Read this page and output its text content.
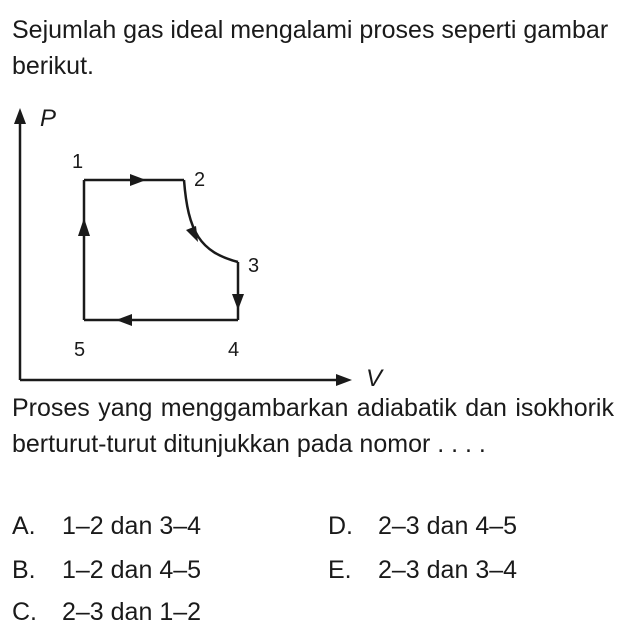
Sejumlah gas ideal mengalami proses seperti gambar berikut.

P
V
1
2
3
4
5

Proses yang menggambarkan adiabatik dan isokhorik berturut-turut ditunjukkan pada nomor . . . .

A. 1–2 dan 3–4
B. 1–2 dan 4–5
C. 2–3 dan 1–2
D. 2–3 dan 4–5
E. 2–3 dan 3–4
